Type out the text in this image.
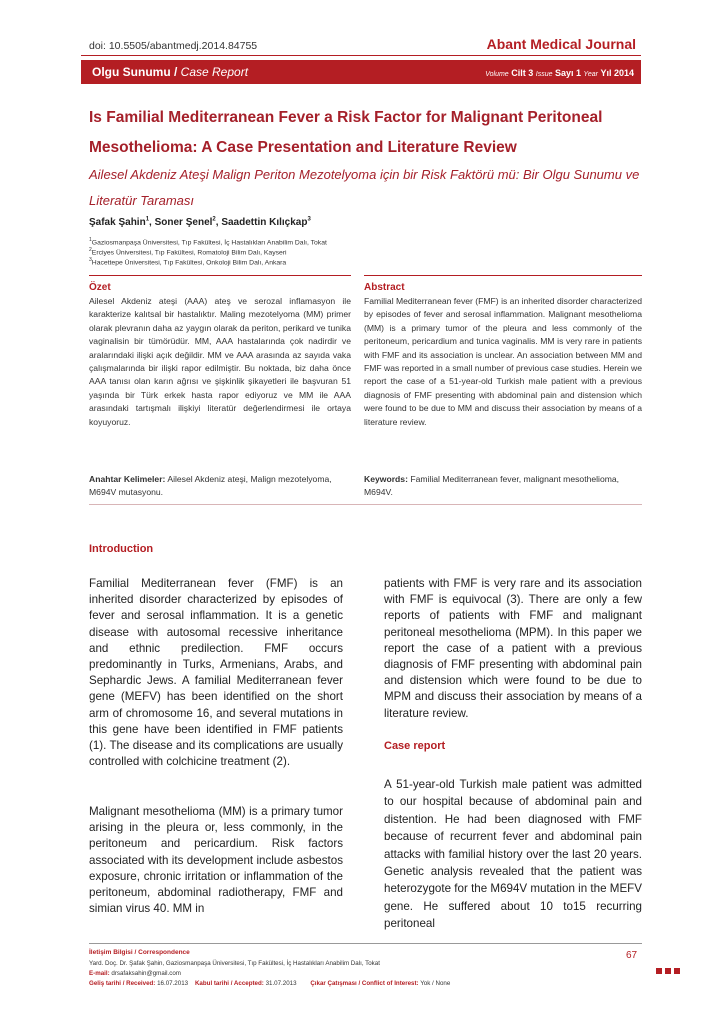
doi: 10.5505/abantmedj.2014.84755	Abant Medical Journal
Olgu Sunumu / Case Report	Volume Cilt 3 Issue Sayı 1 Year Yıl 2014
Is Familial Mediterranean Fever a Risk Factor for Malignant Peritoneal Mesothelioma: A Case Presentation and Literature Review
Ailesel Akdeniz Ateşi Malign Periton Mezotelyoma için bir Risk Faktörü mü: Bir Olgu Sunumu ve Literatür Taraması
Şafak Şahin$^1$, Soner Şenel$^2$, Saadettin Kılıçkap$^3$
$^1$Gaziosmanpaşa Üniversitesi, Tıp Fakültesi, İç Hastalıkları Anabilim Dalı, Tokat
$^2$Erciyes Üniversitesi, Tıp Fakültesi, Romatoloji Bilim Dalı, Kayseri
$^3$Hacettepe Üniversitesi, Tıp Fakültesi, Onkoloji Bilim Dalı, Ankara
Özet
Ailesel Akdeniz ateşi (AAA) ateş ve serozal inflamasyon ile karakterize kalıtsal bir hastalıktır. Maling mezotelyoma (MM) primer olarak plevranın daha az yaygın olarak da periton, perikard ve tunika vaginalisin bir tümörüdür. MM, AAA hastalarında çok nadirdir ve aralarındaki ilişki açık değildir. MM ve AAA arasında az sayıda vaka çalışmalarında bir ilişki rapor edilmiştir. Bu noktada, biz daha önce AAA tanısı olan karın ağrısı ve şişkinlik şikayetleri ile başvuran 51 yaşında bir Türk erkek hasta rapor ediyoruz ve MM ile AAA arasındaki tartışmalı ilişkiyi literatür değerlendirmesi ile ortaya koyuyoruz.
Anahtar Kelimeler: Ailesel Akdeniz ateşi, Malign mezotelyoma, M694V mutasyonu.
Abstract
Familial Mediterranean fever (FMF) is an inherited disorder characterized by episodes of fever and serosal inflammation. Malignant mesothelioma (MM) is a primary tumor of the pleura and less commonly of the peritoneum, pericardium and tunica vaginalis. MM is very rare in patients with FMF and its association is unclear. An association between MM and FMF was reported in a small number of previous case studies. Herein we report the case of a 51-year-old Turkish male patient with a previous diagnosis of FMF presenting with abdominal pain and distension which were found to be due to MM and discuss their association by means of a literature review.
Keywords: Familial Mediterranean fever, malignant mesothelioma, M694V.
Introduction
Familial Mediterranean fever (FMF) is an inherited disorder characterized by episodes of fever and serosal inflammation. It is a genetic disease with autosomal recessive inheritance and ethnic predilection. FMF occurs predominantly in Turks, Armenians, Arabs, and Sephardic Jews. A familial Mediterranean fever gene (MEFV) has been identified on the short arm of chromosome 16, and several mutations in this gene have been identified in FMF patients (1). The disease and its complications are usually controlled with colchicine treatment (2).
Malignant mesothelioma (MM) is a primary tumor arising in the pleura or, less commonly, in the peritoneum and pericardium. Risk factors associated with its development include asbestos exposure, chronic irritation or inflammation of the peritoneum, abdominal radiotherapy, FMF and simian virus 40. MM in
patients with FMF is very rare and its association with FMF is equivocal (3). There are only a few reports of patients with FMF and malignant peritoneal mesothelioma (MPM). In this paper we report the case of a patient with a previous diagnosis of FMF presenting with abdominal pain and distension which were found to be due to MPM and discuss their association by means of a literature review.
Case report
A 51-year-old Turkish male patient was admitted to our hospital because of abdominal pain and distention. He had been diagnosed with FMF because of recurrent fever and abdominal pain attacks with familial history over the last 20 years. Genetic analysis revealed that the patient was heterozygote for the M694V mutation in the MEFV gene. He suffered about 10 to15 recurring peritoneal
İletişim Bilgisi / Correspondence
Yard. Doç. Dr. Şafak Şahin, Gaziosmanpaşa Üniversitesi, Tıp Fakültesi, İç Hastalıkları Anabilim Dalı, Tokat
E-mail: drsafaksahin@gmail.com
Geliş tarihi / Received: 16.07.2013 Kabul tarihi / Accepted: 31.07.2013 Çıkar Çatışması / Conflict of Interest: Yok / None
67
